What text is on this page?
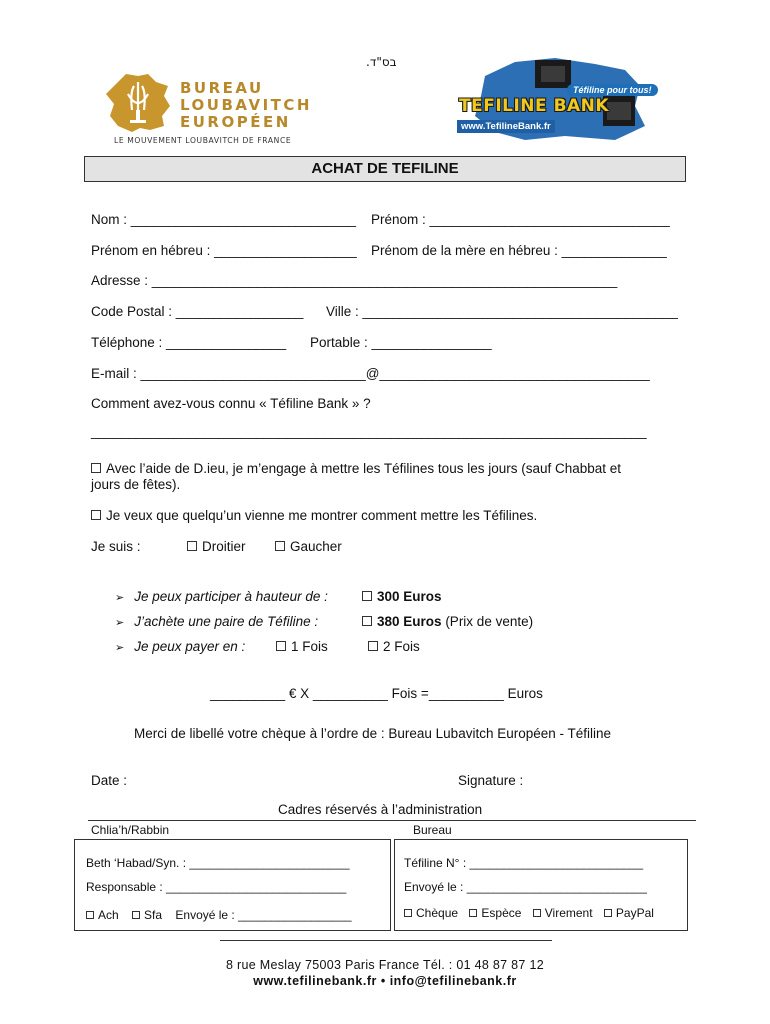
בס"ד.
BUREAU
LOUBAVITCH
EUROPÉEN
LE MOUVEMENT LOUBAVITCH DE FRANCE
Téfiline pour tous!
TEFILINE BANK
www.TefilineBank.fr
ACHAT DE TEFILINE
Nom : ______________________________ Prénom : ________________________________
Prénom en hébreu : ___________________ Prénom de la mère en hébreu : ______________
Adresse : ______________________________________________________________
Code Postal : _________________ Ville : __________________________________________
Téléphone : ________________ Portable : ________________
E-mail : ______________________________@____________________________________
Comment avez-vous connu « Téfiline Bank » ?
__________________________________________________________________________
Avec l’aide de D.ieu, je m’engage à mettre les Téfilines tous les jours (sauf Chabbat et
jours de fêtes).
Je veux que quelqu’un vienne me montrer comment mettre les Téfilines.
Je suis :	Droitier	Gaucher
➢ Je peux participer à hauteur de :	300 Euros
➢ J’achète une paire de Téfiline :	380 Euros (Prix de vente)
➢ Je peux payer en :	1 Fois	2 Fois
__________ € X __________ Fois =__________ Euros
Merci de libellé votre chèque à l’ordre de : Bureau Lubavitch Européen - Téfiline
Date :	Signature :
Cadres réservés à l’administration
Chlia’h/Rabbin	Bureau
Beth ‘Habad/Syn. : ________________________
Responsable : ___________________________
Ach Sfa Envoyé le : _________________
Téfiline N° : __________________________
Envoyé le : ___________________________
Chèque Espèce Virement PayPal
8 rue Meslay 75003 Paris France Tél. : 01 48 87 87 12
www.tefilinebank.fr • info@tefilinebank.fr
